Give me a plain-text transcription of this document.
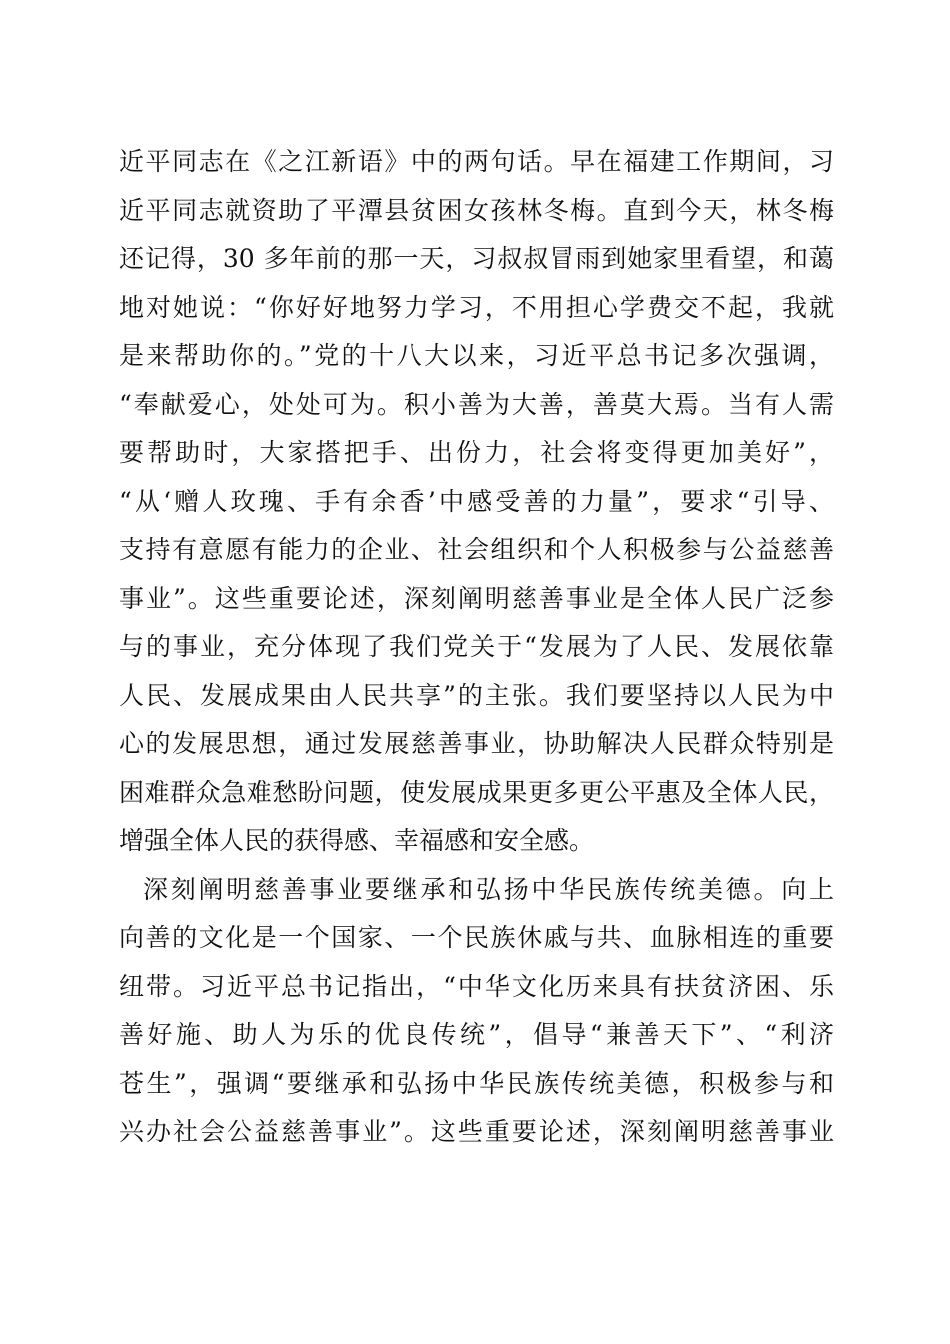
近平同志在《之江新语》中的两句话。早在福建工作期间，习
近平同志就资助了平潭县贫困女孩林冬梅。直到今天，林冬梅
还记得，30 多年前的那一天，习叔叔冒雨到她家里看望，和蔼
地对她说：“你好好地努力学习，不用担心学费交不起，我就
是来帮助你的。”党的十八大以来，习近平总书记多次强调，
“奉献爱心，处处可为。积小善为大善，善莫大焉。当有人需
要帮助时，大家搭把手、出份力，社会将变得更加美好”，
“从‘赠人玫瑰、手有余香’中感受善的力量”，要求“引导、
支持有意愿有能力的企业、社会组织和个人积极参与公益慈善
事业”。这些重要论述，深刻阐明慈善事业是全体人民广泛参
与的事业，充分体现了我们党关于“发展为了人民、发展依靠
人民、发展成果由人民共享”的主张。我们要坚持以人民为中
心的发展思想，通过发展慈善事业，协助解决人民群众特别是
困难群众急难愁盼问题，使发展成果更多更公平惠及全体人民，
增强全体人民的获得感、幸福感和安全感。
深刻阐明慈善事业要继承和弘扬中华民族传统美德。向上
向善的文化是一个国家、一个民族休戚与共、血脉相连的重要
纽带。习近平总书记指出，“中华文化历来具有扶贫济困、乐
善好施、助人为乐的优良传统”，倡导“兼善天下”、“利济
苍生”，强调“要继承和弘扬中华民族传统美德，积极参与和
兴办社会公益慈善事业”。这些重要论述，深刻阐明慈善事业
